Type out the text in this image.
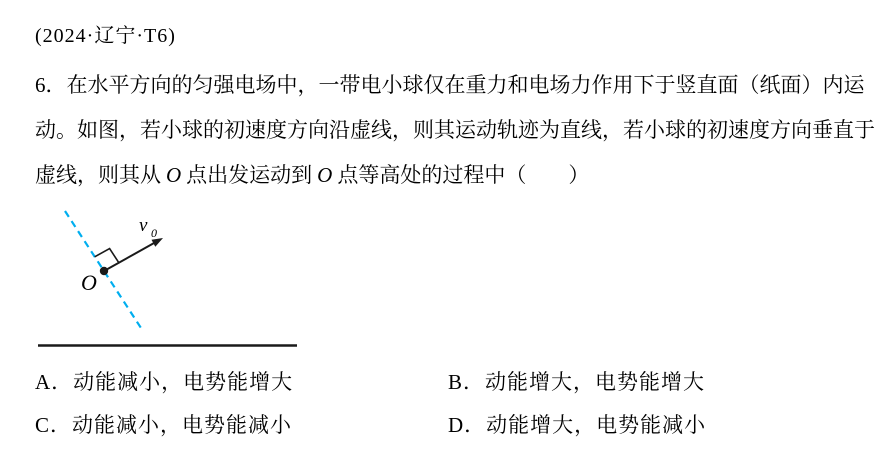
(2024·辽宁·T6)
6．在水平方向的匀强电场中，一带电小球仅在重力和电场力作用下于竖直面（纸面）内运
动。如图，若小球的初速度方向沿虚线，则其运动轨迹为直线，若小球的初速度方向垂直于
虚线，则其从 O 点出发运动到 O 点等高处的过程中（　　）
v 0
O
A．动能减小，电势能增大	B．动能增大，电势能增大
C．动能减小，电势能减小	D．动能增大，电势能减小
